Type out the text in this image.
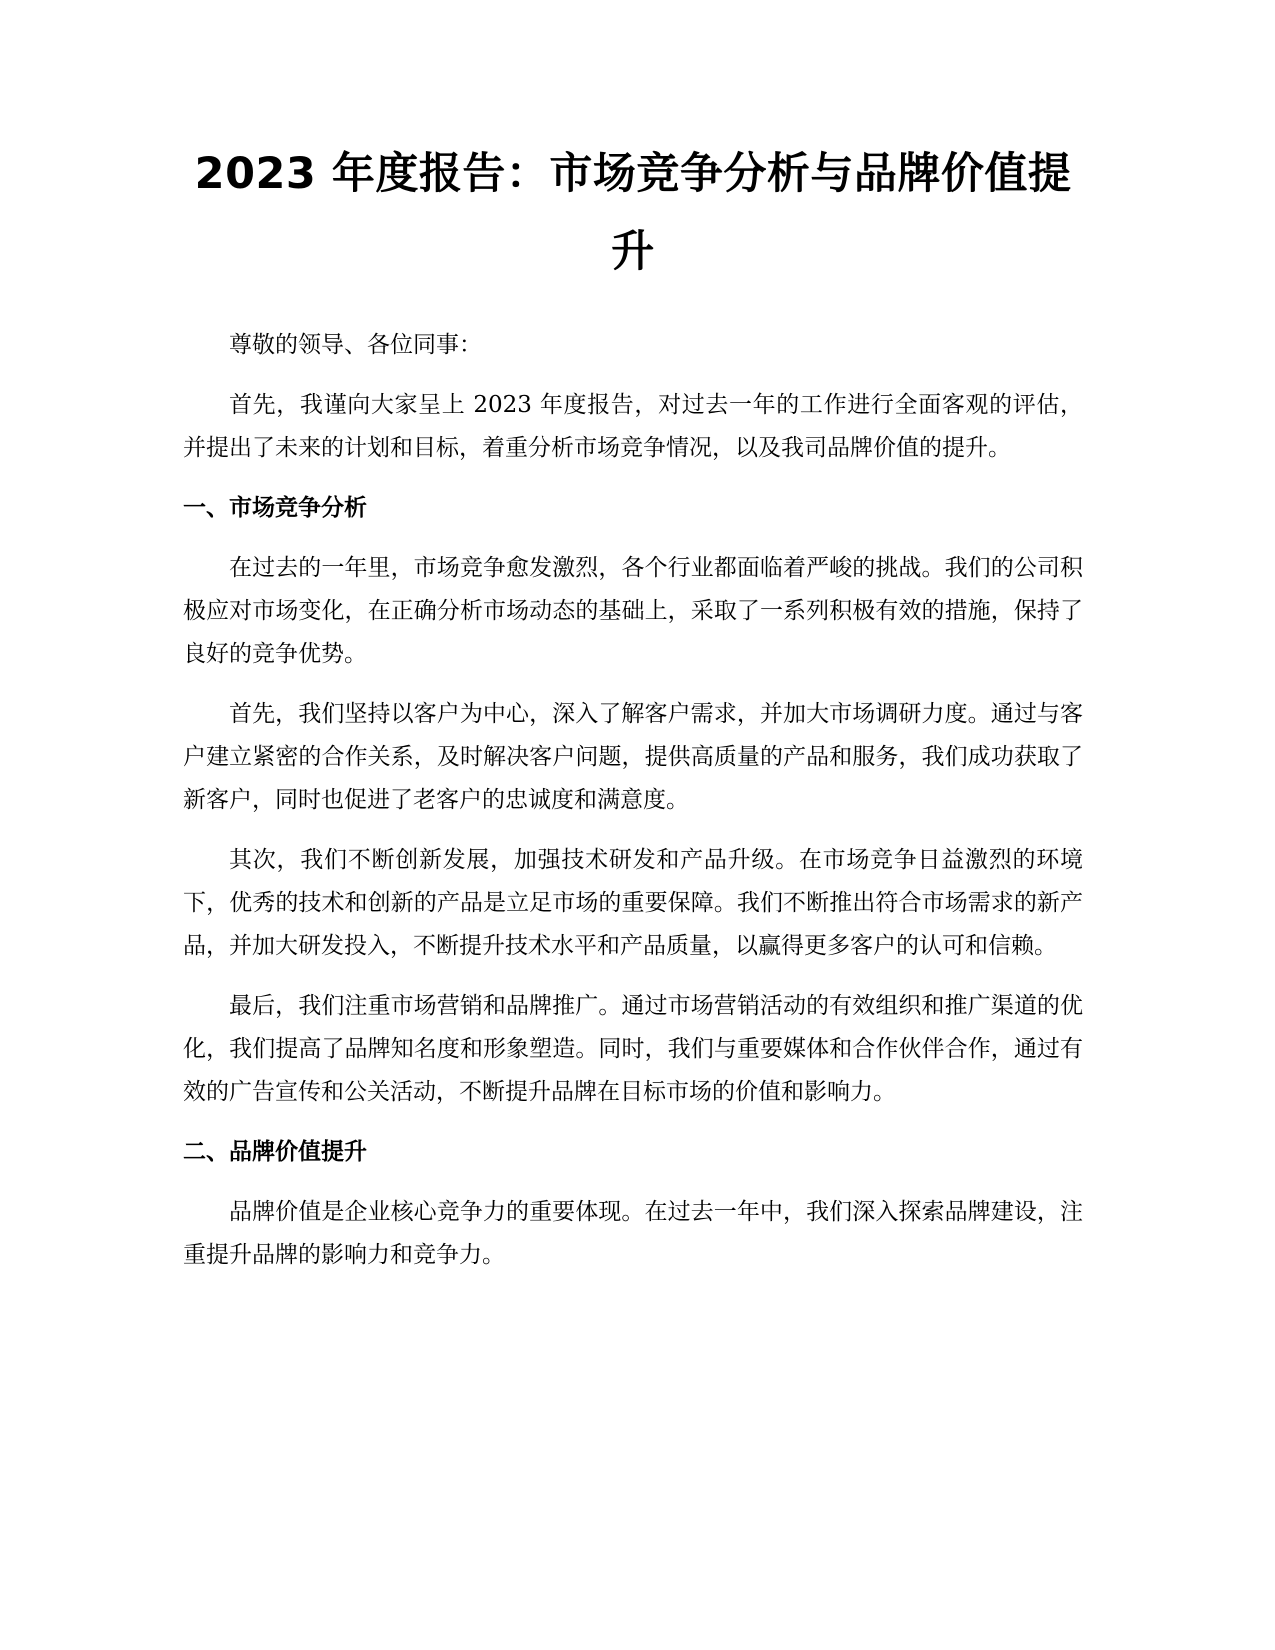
2023 年度报告：市场竞争分析与品牌价值提升

尊敬的领导、各位同事：

首先，我谨向大家呈上 2023 年度报告，对过去一年的工作进行全面客观的评估，并提出了未来的计划和目标，着重分析市场竞争情况，以及我司品牌价值的提升。

一、市场竞争分析

在过去的一年里，市场竞争愈发激烈，各个行业都面临着严峻的挑战。我们的公司积极应对市场变化，在正确分析市场动态的基础上，采取了一系列积极有效的措施，保持了良好的竞争优势。

首先，我们坚持以客户为中心，深入了解客户需求，并加大市场调研力度。通过与客户建立紧密的合作关系，及时解决客户问题，提供高质量的产品和服务，我们成功获取了新客户，同时也促进了老客户的忠诚度和满意度。

其次，我们不断创新发展，加强技术研发和产品升级。在市场竞争日益激烈的环境下，优秀的技术和创新的产品是立足市场的重要保障。我们不断推出符合市场需求的新产品，并加大研发投入，不断提升技术水平和产品质量，以赢得更多客户的认可和信赖。

最后，我们注重市场营销和品牌推广。通过市场营销活动的有效组织和推广渠道的优化，我们提高了品牌知名度和形象塑造。同时，我们与重要媒体和合作伙伴合作，通过有效的广告宣传和公关活动，不断提升品牌在目标市场的价值和影响力。

二、品牌价值提升

品牌价值是企业核心竞争力的重要体现。在过去一年中，我们深入探索品牌建设，注重提升品牌的影响力和竞争力。
